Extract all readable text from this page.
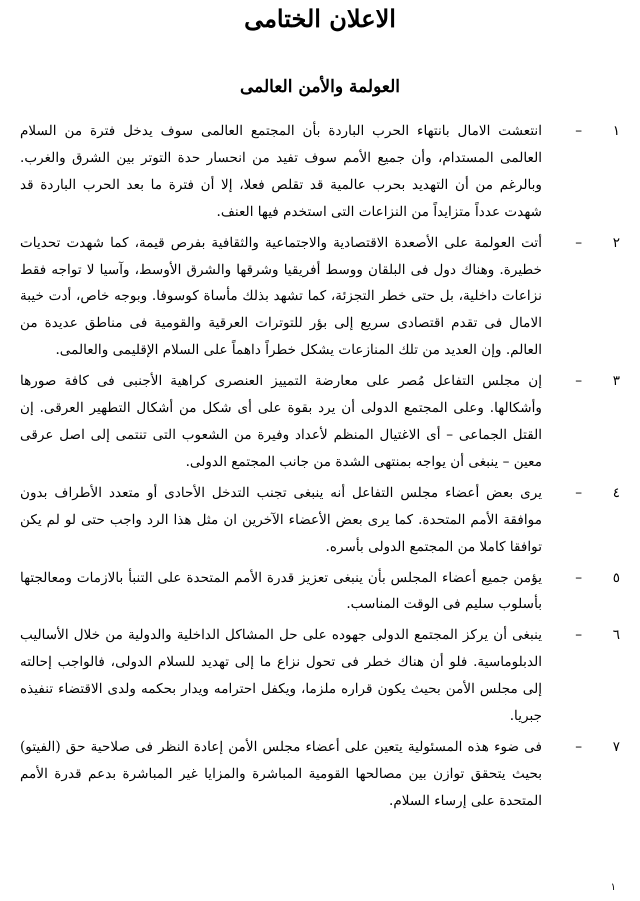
الاعلان الختامى
العولمة والأمن العالمى
١
–
انتعشت الامال بانتهاء الحرب الباردة بأن المجتمع العالمى سوف يدخل فترة من السلام العالمى المستدام، وأن جميع الأمم سوف تفيد من انحسار حدة التوتر بين الشرق والغرب. وبالرغم من أن التهديد بحرب عالمية قد تقلص فعلا، إلا أن فترة ما بعد الحرب الباردة قد شهدت عدداً متزايداً من النزاعات التى استخدم فيها العنف.
٢
–
أتت العولمة على الأصعدة الاقتصادية والاجتماعية والثقافية بفرص قيمة، كما شهدت تحديات خطيرة. وهناك دول فى البلقان ووسط أفريقيا وشرقها والشرق الأوسط، وآسيا لا تواجه فقط نزاعات داخلية، بل حتى خطر التجزئة، كما تشهد بذلك مأساة كوسوفا. وبوجه خاص، أدت خيبة الامال فى تقدم اقتصادى سريع إلى بؤر للتوترات العرقية والقومية فى مناطق عديدة من العالم. وإن العديد من تلك المنازعات يشكل خطراً داهماً على السلام الإقليمى والعالمى.
٣
–
إن مجلس التفاعل مُصر على معارضة التمييز العنصرى كراهية الأجنبى فى كافة صورها وأشكالها. وعلى المجتمع الدولى أن يرد بقوة على أى شكل من أشكال التطهير العرقى. إن القتل الجماعى – أى الاغتيال المنظم لأعداد وفيرة من الشعوب التى تنتمى إلى اصل عرقى معين – ينبغى أن يواجه بمنتهى الشدة من جانب المجتمع الدولى.
٤
–
يرى بعض أعضاء مجلس التفاعل أنه ينبغى تجنب التدخل الأحادى أو متعدد الأطراف بدون موافقة الأمم المتحدة. كما يرى بعض الأعضاء الآخرين ان مثل هذا الرد واجب حتى لو لم يكن توافقا كاملا من المجتمع الدولى بأسره.
٥
–
يؤمن جميع أعضاء المجلس بأن ينبغى تعزيز قدرة الأمم المتحدة على التنبأ بالازمات ومعالجتها بأسلوب سليم فى الوقت المناسب.
٦
–
ينبغى أن يركز المجتمع الدولى جهوده على حل المشاكل الداخلية والدولية من خلال الأساليب الدبلوماسية. فلو أن هناك خطر فى تحول نزاع ما إلى تهديد للسلام الدولى، فالواجب إحالته إلى مجلس الأمن بحيث يكون قراره ملزما، ويكفل احترامه ويدار بحكمه ولدى الاقتضاء تنفيذه جبريا.
٧
–
فى ضوء هذه المسئولية يتعين على أعضاء مجلس الأمن إعادة النظر فى صلاحية حق (الفيتو) بحيث يتحقق توازن بين مصالحها القومية المباشرة والمزايا غير المباشرة بدعم قدرة الأمم المتحدة على إرساء السلام.
١
